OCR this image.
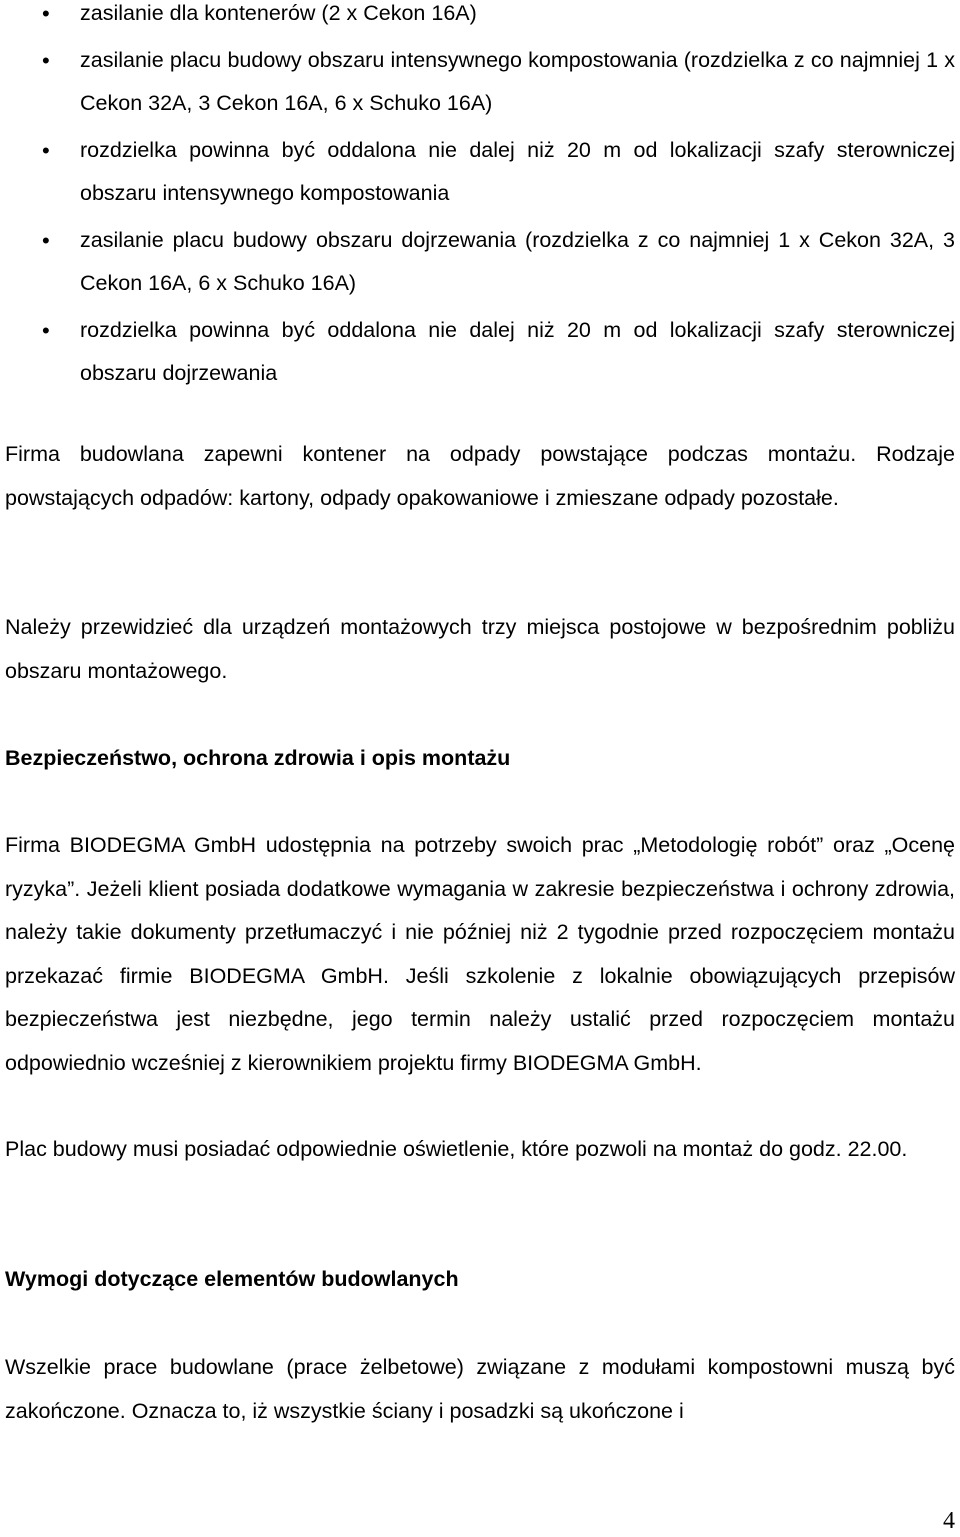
• zasilanie dla kontenerów (2 x Cekon 16A)
• zasilanie placu budowy obszaru intensywnego kompostowania (rozdzielka z co najmniej 1 x Cekon 32A, 3 Cekon 16A, 6 x Schuko 16A)
• rozdzielka powinna być oddalona nie dalej niż 20 m od lokalizacji szafy sterowniczej obszaru intensywnego kompostowania
• zasilanie placu budowy obszaru dojrzewania (rozdzielka z co najmniej 1 x Cekon 32A, 3 Cekon 16A, 6 x Schuko 16A)
• rozdzielka powinna być oddalona nie dalej niż 20 m od lokalizacji szafy sterowniczej obszaru dojrzewania

Firma budowlana zapewni kontener na odpady powstające podczas montażu. Rodzaje powstających odpadów: kartony, odpady opakowaniowe i zmieszane odpady pozostałe.

Należy przewidzieć dla urządzeń montażowych trzy miejsca postojowe w bezpośrednim pobliżu obszaru montażowego.

Bezpieczeństwo, ochrona zdrowia i opis montażu

Firma BIODEGMA GmbH udostępnia na potrzeby swoich prac „Metodologię robót” oraz „Ocenę ryzyka”. Jeżeli klient posiada dodatkowe wymagania w zakresie bezpieczeństwa i ochrony zdrowia, należy takie dokumenty przetłumaczyć i nie później niż 2 tygodnie przed rozpoczęciem montażu przekazać firmie BIODEGMA GmbH. Jeśli szkolenie z lokalnie obowiązujących przepisów bezpieczeństwa jest niezbędne, jego termin należy ustalić przed rozpoczęciem montażu odpowiednio wcześniej z kierownikiem projektu firmy BIODEGMA GmbH.

Plac budowy musi posiadać odpowiednie oświetlenie, które pozwoli na montaż do godz. 22.00.

Wymogi dotyczące elementów budowlanych

Wszelkie prace budowlane (prace żelbetowe) związane z modułami kompostowni muszą być zakończone. Oznacza to, iż wszystkie ściany i posadzki są ukończone i

4
